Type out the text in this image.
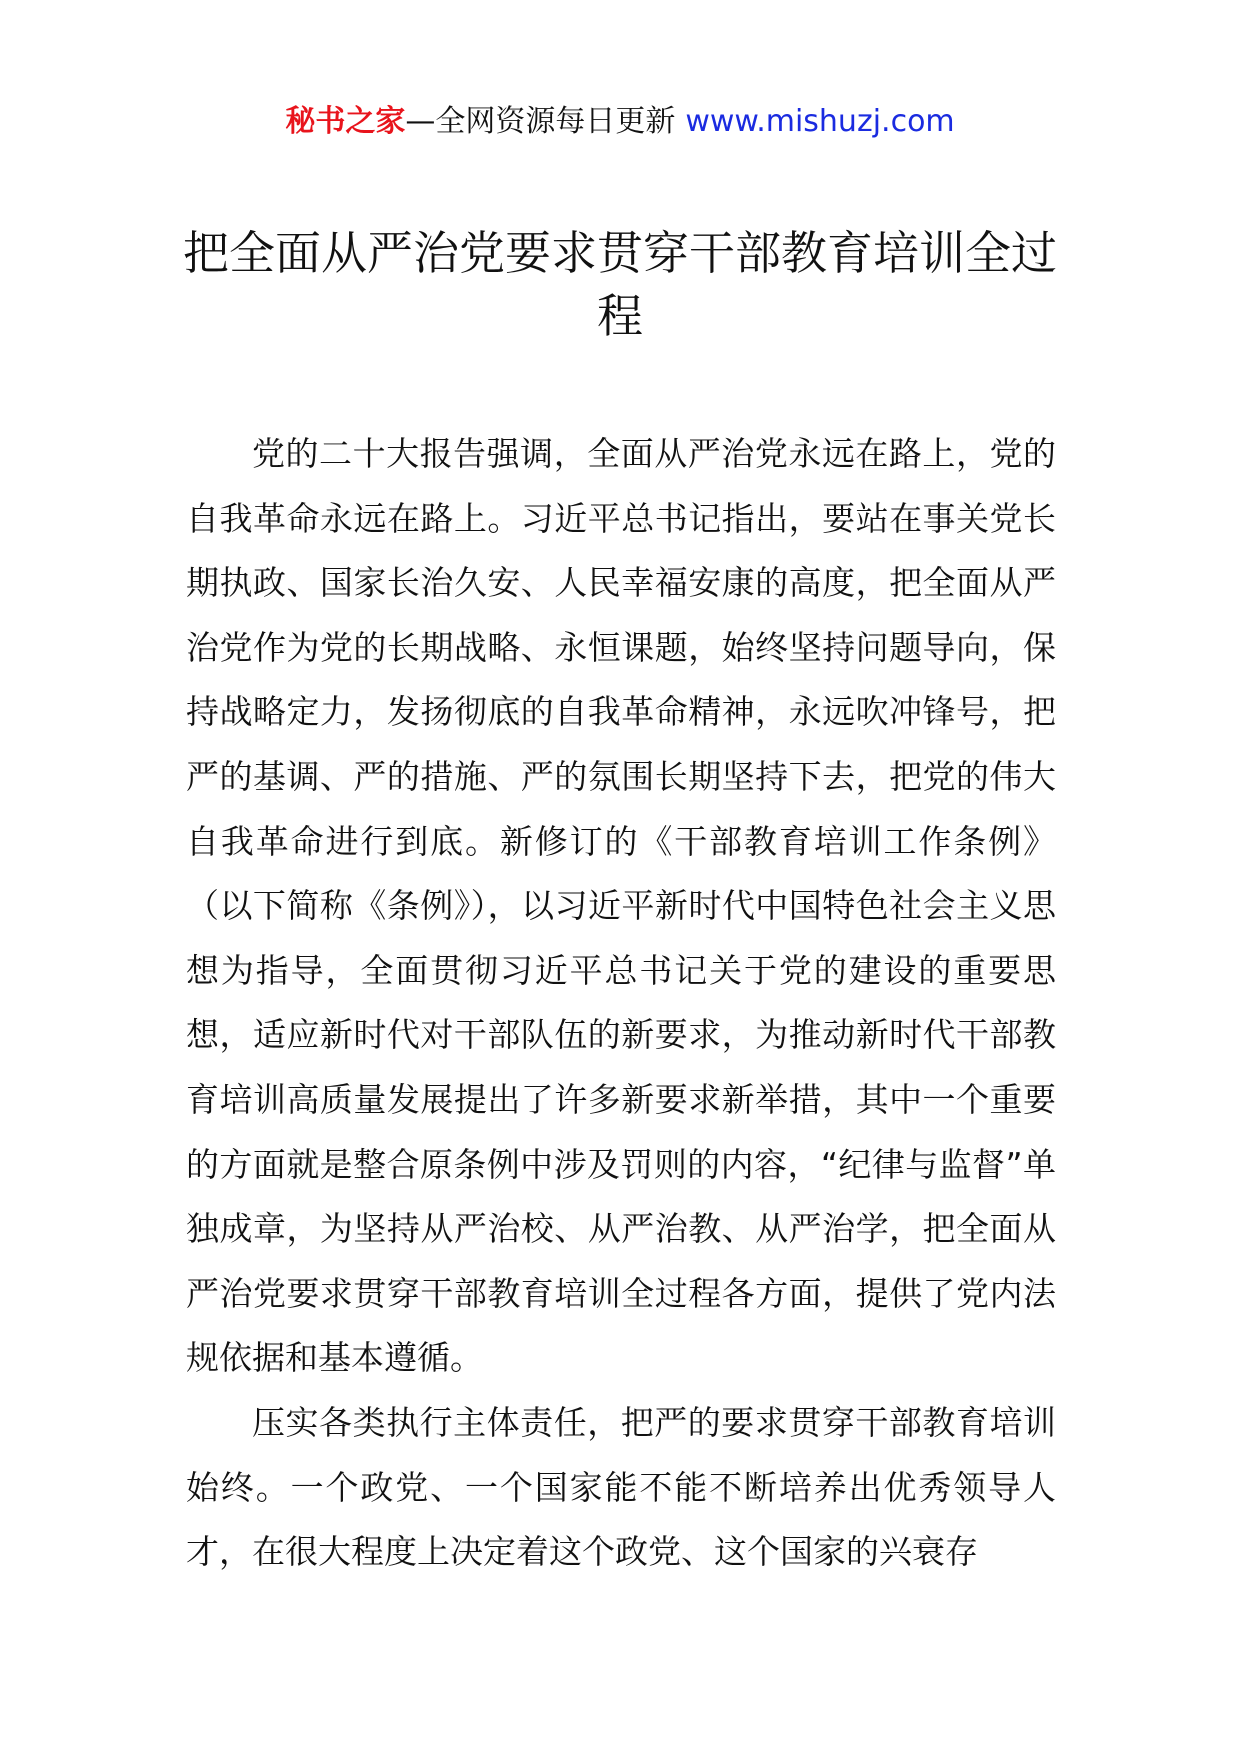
秘书之家—全网资源每日更新 www.mishuzj.com
把全面从严治党要求贯穿干部教育培训全过程

党的二十大报告强调，全面从严治党永远在路上，党的自我革命永远在路上。习近平总书记指出，要站在事关党长期执政、国家长治久安、人民幸福安康的高度，把全面从严治党作为党的长期战略、永恒课题，始终坚持问题导向，保持战略定力，发扬彻底的自我革命精神，永远吹冲锋号，把严的基调、严的措施、严的氛围长期坚持下去，把党的伟大自我革命进行到底。新修订的《干部教育培训工作条例》（以下简称《条例》），以习近平新时代中国特色社会主义思想为指导，全面贯彻习近平总书记关于党的建设的重要思想，适应新时代对干部队伍的新要求，为推动新时代干部教育培训高质量发展提出了许多新要求新举措，其中一个重要的方面就是整合原条例中涉及罚则的内容，“纪律与监督”单独成章，为坚持从严治校、从严治教、从严治学，把全面从严治党要求贯穿干部教育培训全过程各方面，提供了党内法规依据和基本遵循。

压实各类执行主体责任，把严的要求贯穿干部教育培训始终。一个政党、一个国家能不能不断培养出优秀领导人才，在很大程度上决定着这个政党、这个国家的兴衰存
